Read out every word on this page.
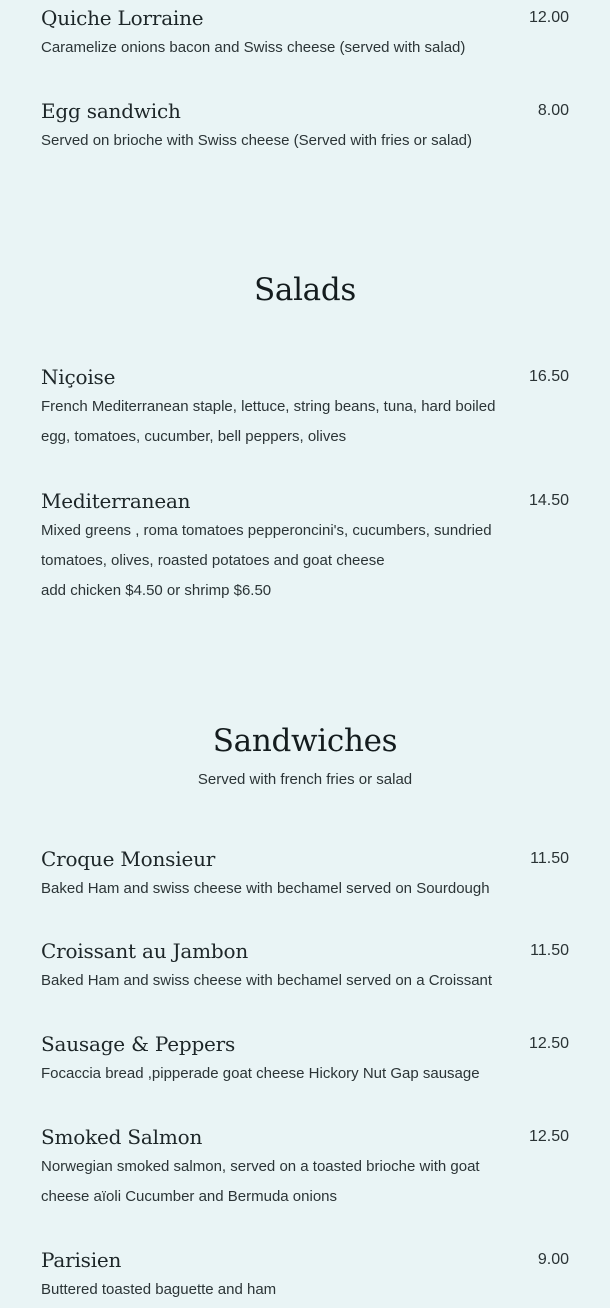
Quiche Lorraine	12.00

Caramelize onions bacon and Swiss cheese (served with salad)

Egg sandwich	8.00

Served on brioche with Swiss cheese (Served with fries or salad)

Salads
Niçoise	16.50

French Mediterranean staple, lettuce, string beans, tuna, hard boiled
egg, tomatoes, cucumber, bell peppers, olives

Mediterranean	14.50

Mixed greens , roma tomatoes pepperoncini's, cucumbers, sundried
tomatoes, olives, roasted potatoes and goat cheese
add chicken $4.50 or shrimp $6.50

Sandwiches
Served with french fries or salad
Croque Monsieur	11.50

Baked Ham and swiss cheese with bechamel served on Sourdough

Croissant au Jambon	11.50

Baked Ham and swiss cheese with bechamel served on a Croissant

Sausage & Peppers	12.50

Focaccia bread ,pipperade goat cheese Hickory Nut Gap sausage

Smoked Salmon	12.50

Norwegian smoked salmon, served on a toasted brioche with goat
cheese aïoli Cucumber and Bermuda onions

Parisien	9.00

Buttered toasted baguette and ham
